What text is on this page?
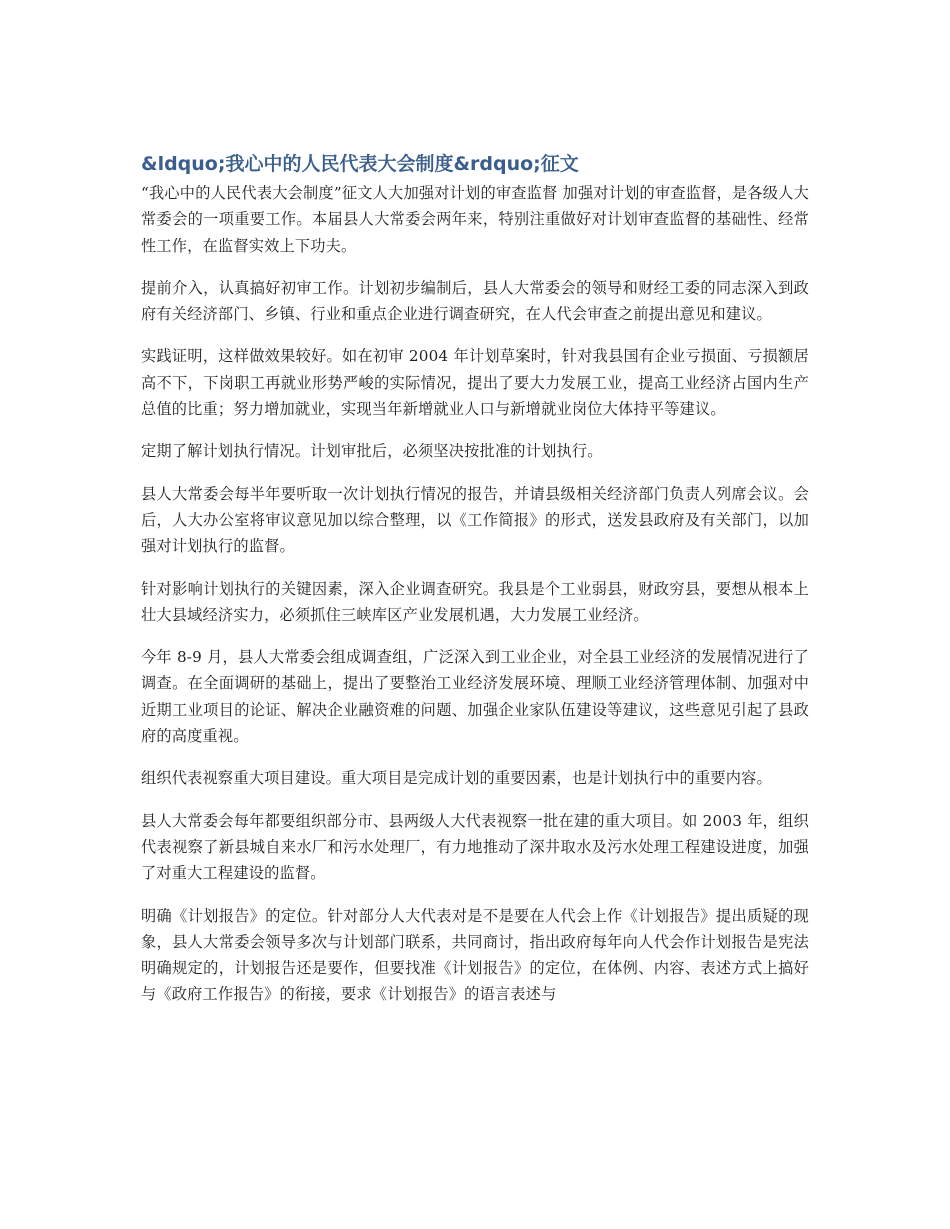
&ldquo;我心中的人民代表大会制度&rdquo;征文

“我心中的人民代表大会制度”征文人大加强对计划的审查监督 加强对计划的审查监督，是各级人大常委会的一项重要工作。本届县人大常委会两年来，特别注重做好对计划审查监督的基础性、经常性工作，在监督实效上下功夫。

提前介入，认真搞好初审工作。计划初步编制后，县人大常委会的领导和财经工委的同志深入到政府有关经济部门、乡镇、行业和重点企业进行调查研究，在人代会审查之前提出意见和建议。

实践证明，这样做效果较好。如在初审 2004 年计划草案时，针对我县国有企业亏损面、亏损额居高不下，下岗职工再就业形势严峻的实际情况，提出了要大力发展工业，提高工业经济占国内生产总值的比重；努力增加就业，实现当年新增就业人口与新增就业岗位大体持平等建议。

定期了解计划执行情况。计划审批后，必须坚决按批准的计划执行。

县人大常委会每半年要听取一次计划执行情况的报告，并请县级相关经济部门负责人列席会议。会后，人大办公室将审议意见加以综合整理，以《工作简报》的形式，送发县政府及有关部门，以加强对计划执行的监督。

针对影响计划执行的关键因素，深入企业调查研究。我县是个工业弱县，财政穷县，要想从根本上壮大县域经济实力，必须抓住三峡库区产业发展机遇，大力发展工业经济。

今年 8-9 月，县人大常委会组成调查组，广泛深入到工业企业，对全县工业经济的发展情况进行了调查。在全面调研的基础上，提出了要整治工业经济发展环境、理顺工业经济管理体制、加强对中近期工业项目的论证、解决企业融资难的问题、加强企业家队伍建设等建议，这些意见引起了县政府的高度重视。

组织代表视察重大项目建设。重大项目是完成计划的重要因素，也是计划执行中的重要内容。

县人大常委会每年都要组织部分市、县两级人大代表视察一批在建的重大项目。如 2003 年，组织代表视察了新县城自来水厂和污水处理厂，有力地推动了深井取水及污水处理工程建设进度，加强了对重大工程建设的监督。

明确《计划报告》的定位。针对部分人大代表对是不是要在人代会上作《计划报告》提出质疑的现象，县人大常委会领导多次与计划部门联系，共同商讨，指出政府每年向人代会作计划报告是宪法明确规定的，计划报告还是要作，但要找准《计划报告》的定位，在体例、内容、表述方式上搞好与《政府工作报告》的衔接，要求《计划报告》的语言表述与
